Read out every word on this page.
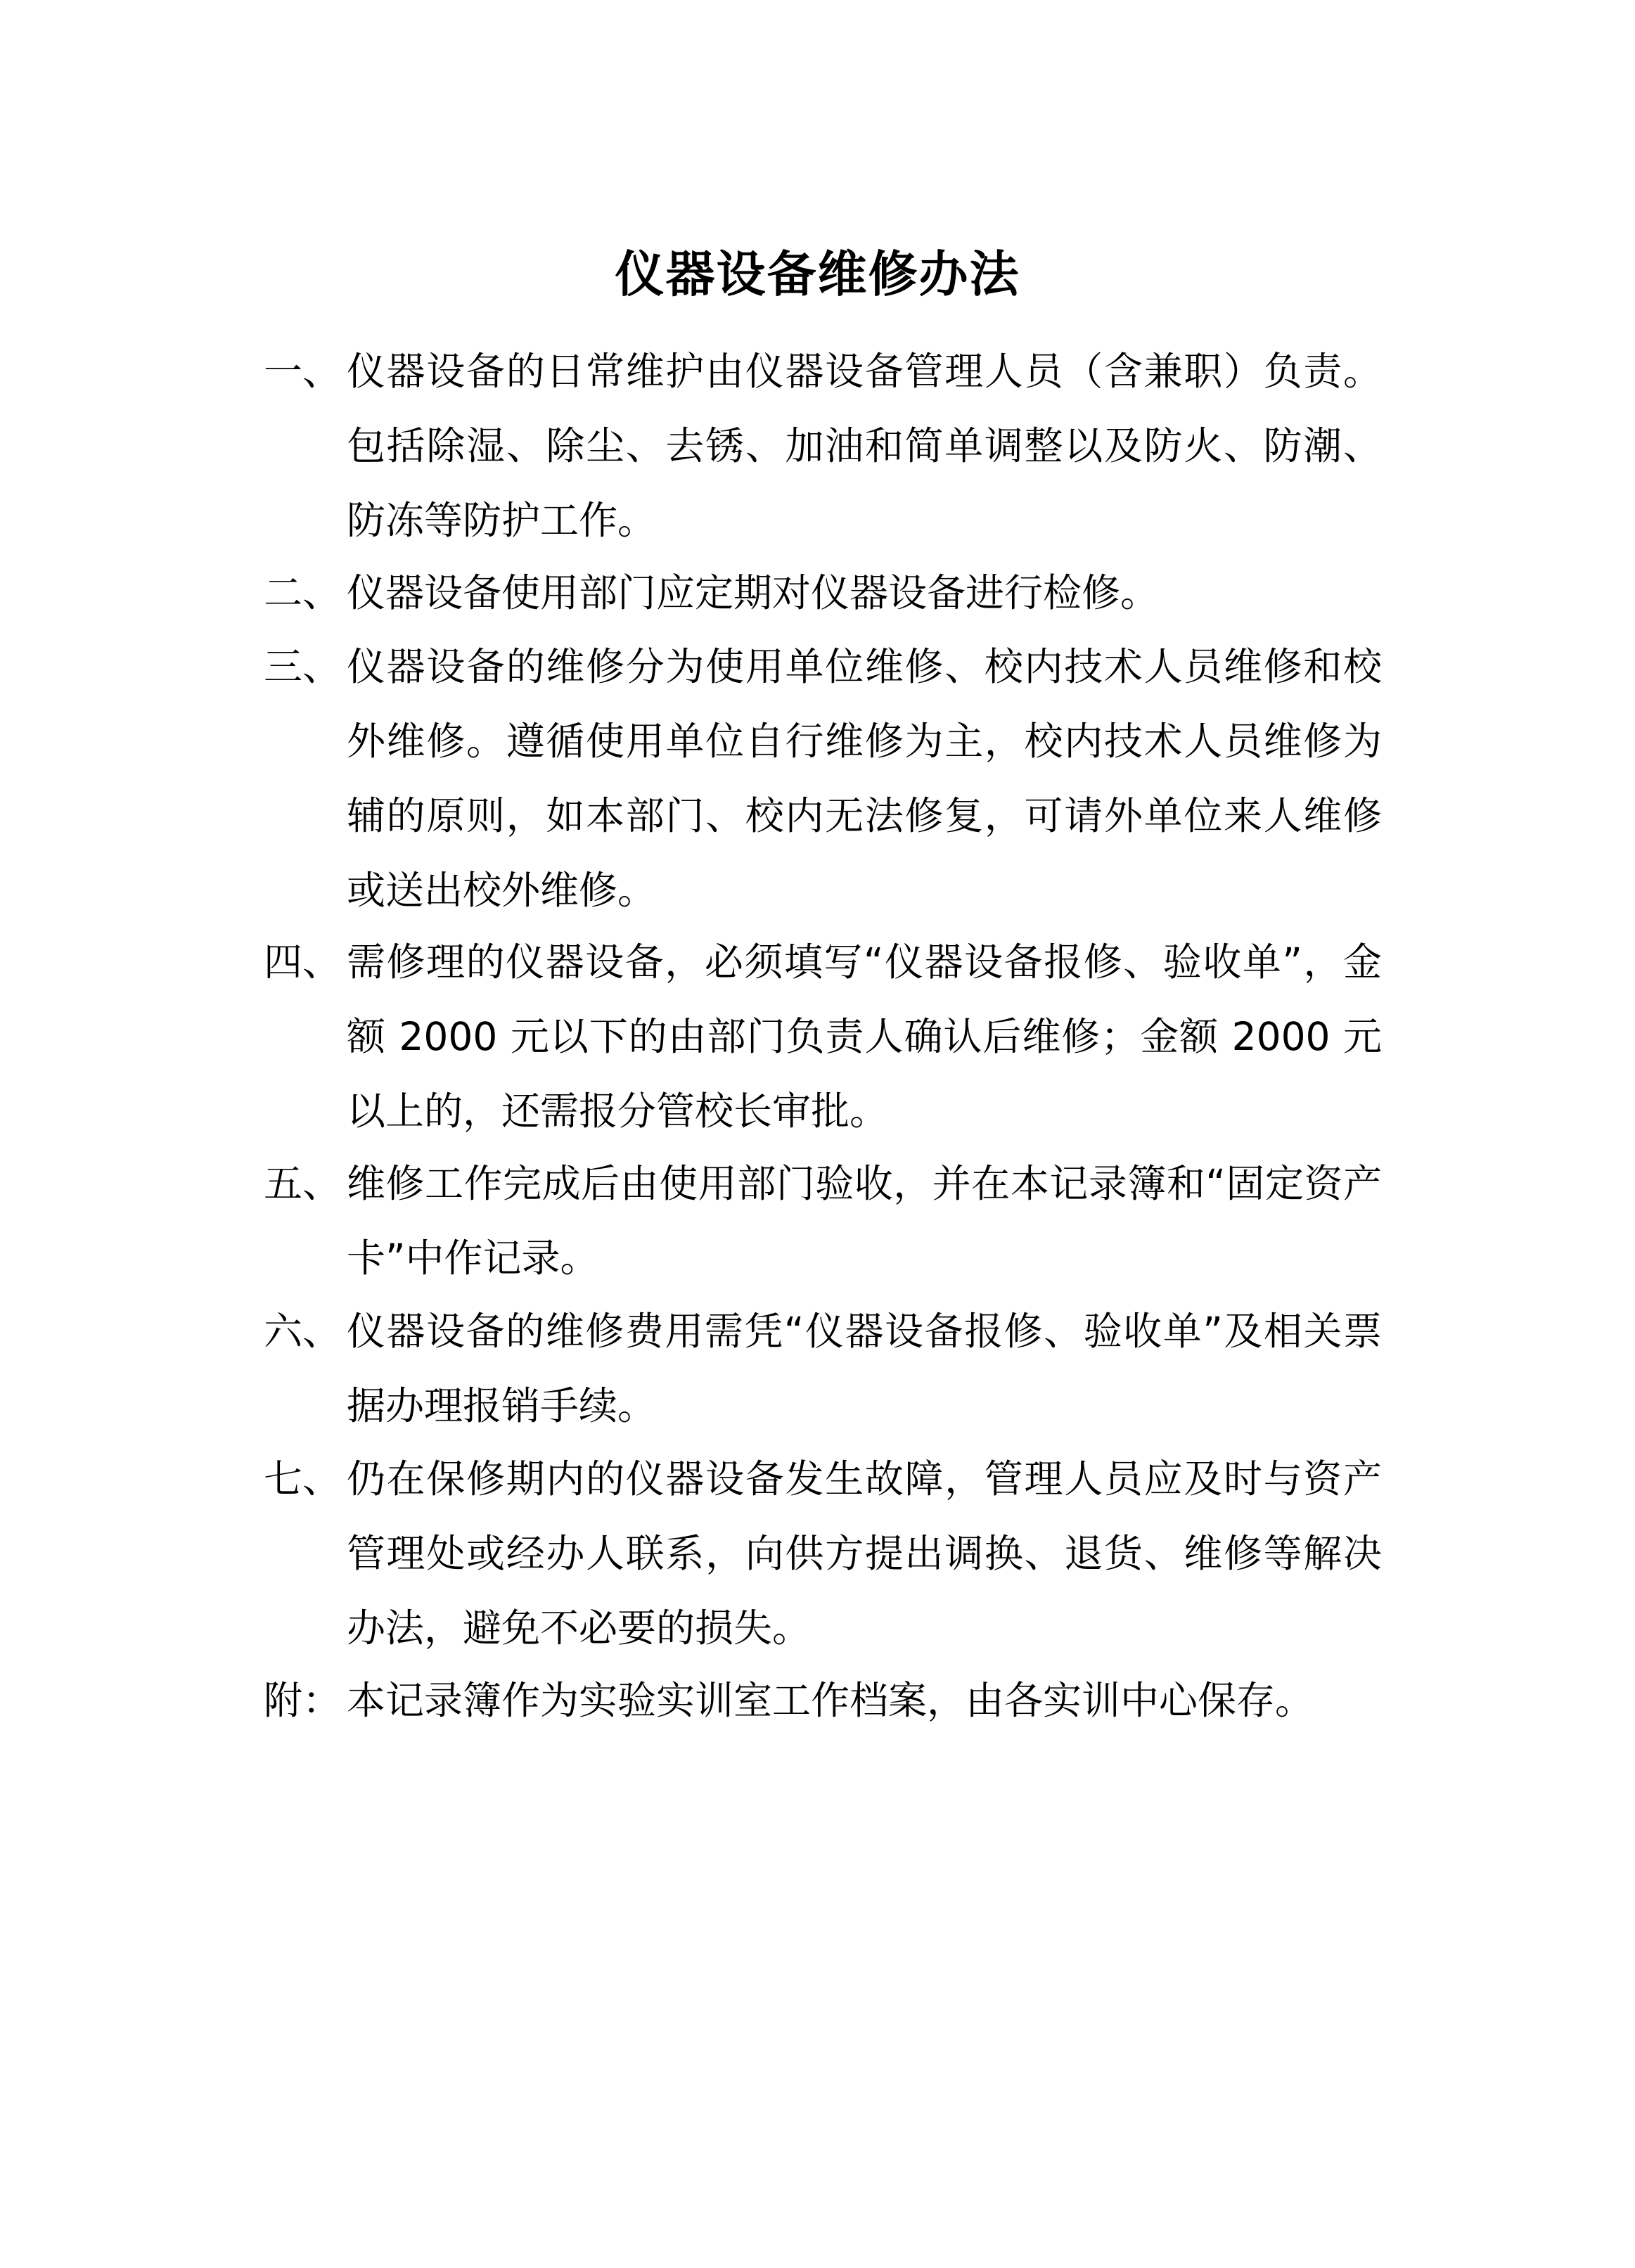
仪器设备维修办法
一、 仪器设备的日常维护由仪器设备管理人员（含兼职）负责。包括除湿、除尘、去锈、加油和简单调整以及防火、防潮、防冻等防护工作。
二、 仪器设备使用部门应定期对仪器设备进行检修。
三、 仪器设备的维修分为使用单位维修、校内技术人员维修和校外维修。遵循使用单位自行维修为主，校内技术人员维修为辅的原则，如本部门、校内无法修复，可请外单位来人维修或送出校外维修。
四、 需修理的仪器设备，必须填写“仪器设备报修、验收单”，金额 2000 元以下的由部门负责人确认后维修；金额 2000 元以上的，还需报分管校长审批。
五、 维修工作完成后由使用部门验收，并在本记录簿和“固定资产卡”中作记录。
六、 仪器设备的维修费用需凭“仪器设备报修、验收单”及相关票据办理报销手续。
七、 仍在保修期内的仪器设备发生故障，管理人员应及时与资产管理处或经办人联系，向供方提出调换、退货、维修等解决办法，避免不必要的损失。
附： 本记录簿作为实验实训室工作档案，由各实训中心保存。
